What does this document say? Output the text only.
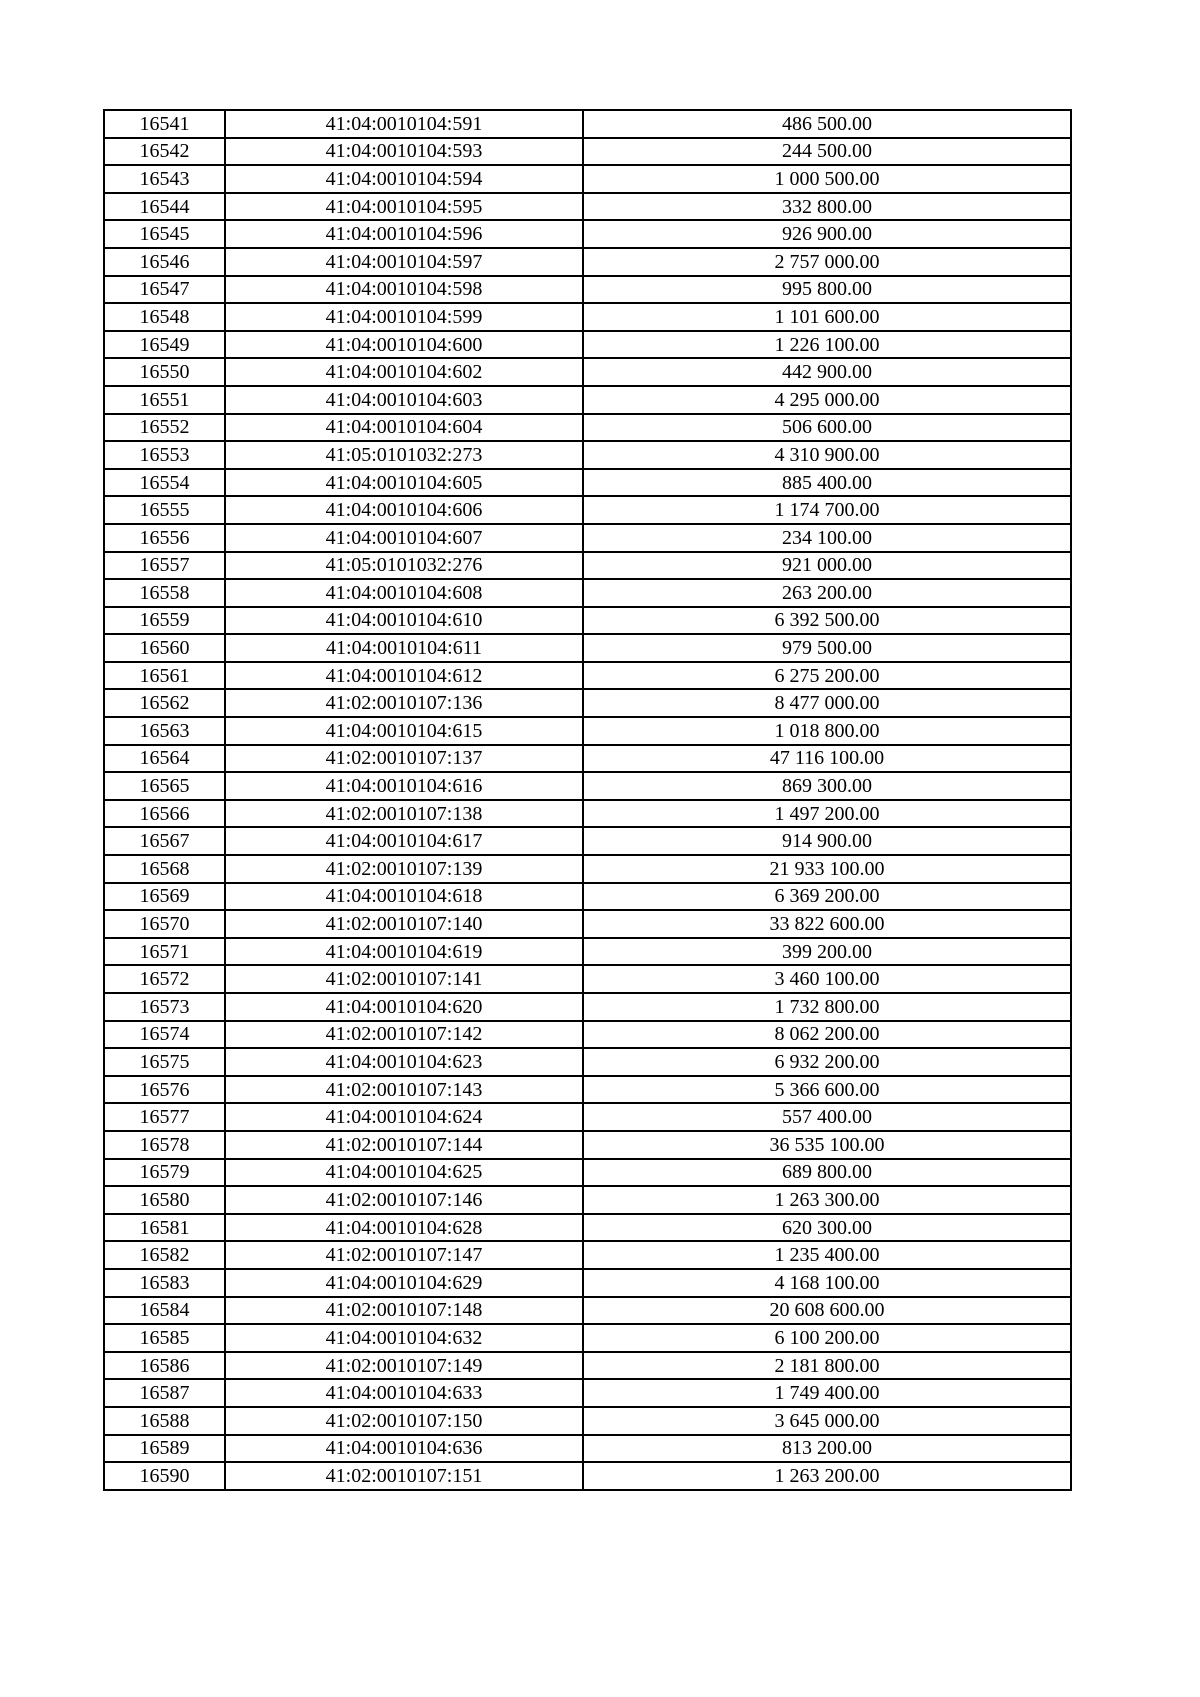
16541	41:04:0010104:591	486 500.00
16542	41:04:0010104:593	244 500.00
16543	41:04:0010104:594	1 000 500.00
16544	41:04:0010104:595	332 800.00
16545	41:04:0010104:596	926 900.00
16546	41:04:0010104:597	2 757 000.00
16547	41:04:0010104:598	995 800.00
16548	41:04:0010104:599	1 101 600.00
16549	41:04:0010104:600	1 226 100.00
16550	41:04:0010104:602	442 900.00
16551	41:04:0010104:603	4 295 000.00
16552	41:04:0010104:604	506 600.00
16553	41:05:0101032:273	4 310 900.00
16554	41:04:0010104:605	885 400.00
16555	41:04:0010104:606	1 174 700.00
16556	41:04:0010104:607	234 100.00
16557	41:05:0101032:276	921 000.00
16558	41:04:0010104:608	263 200.00
16559	41:04:0010104:610	6 392 500.00
16560	41:04:0010104:611	979 500.00
16561	41:04:0010104:612	6 275 200.00
16562	41:02:0010107:136	8 477 000.00
16563	41:04:0010104:615	1 018 800.00
16564	41:02:0010107:137	47 116 100.00
16565	41:04:0010104:616	869 300.00
16566	41:02:0010107:138	1 497 200.00
16567	41:04:0010104:617	914 900.00
16568	41:02:0010107:139	21 933 100.00
16569	41:04:0010104:618	6 369 200.00
16570	41:02:0010107:140	33 822 600.00
16571	41:04:0010104:619	399 200.00
16572	41:02:0010107:141	3 460 100.00
16573	41:04:0010104:620	1 732 800.00
16574	41:02:0010107:142	8 062 200.00
16575	41:04:0010104:623	6 932 200.00
16576	41:02:0010107:143	5 366 600.00
16577	41:04:0010104:624	557 400.00
16578	41:02:0010107:144	36 535 100.00
16579	41:04:0010104:625	689 800.00
16580	41:02:0010107:146	1 263 300.00
16581	41:04:0010104:628	620 300.00
16582	41:02:0010107:147	1 235 400.00
16583	41:04:0010104:629	4 168 100.00
16584	41:02:0010107:148	20 608 600.00
16585	41:04:0010104:632	6 100 200.00
16586	41:02:0010107:149	2 181 800.00
16587	41:04:0010104:633	1 749 400.00
16588	41:02:0010107:150	3 645 000.00
16589	41:04:0010104:636	813 200.00
16590	41:02:0010107:151	1 263 200.00
